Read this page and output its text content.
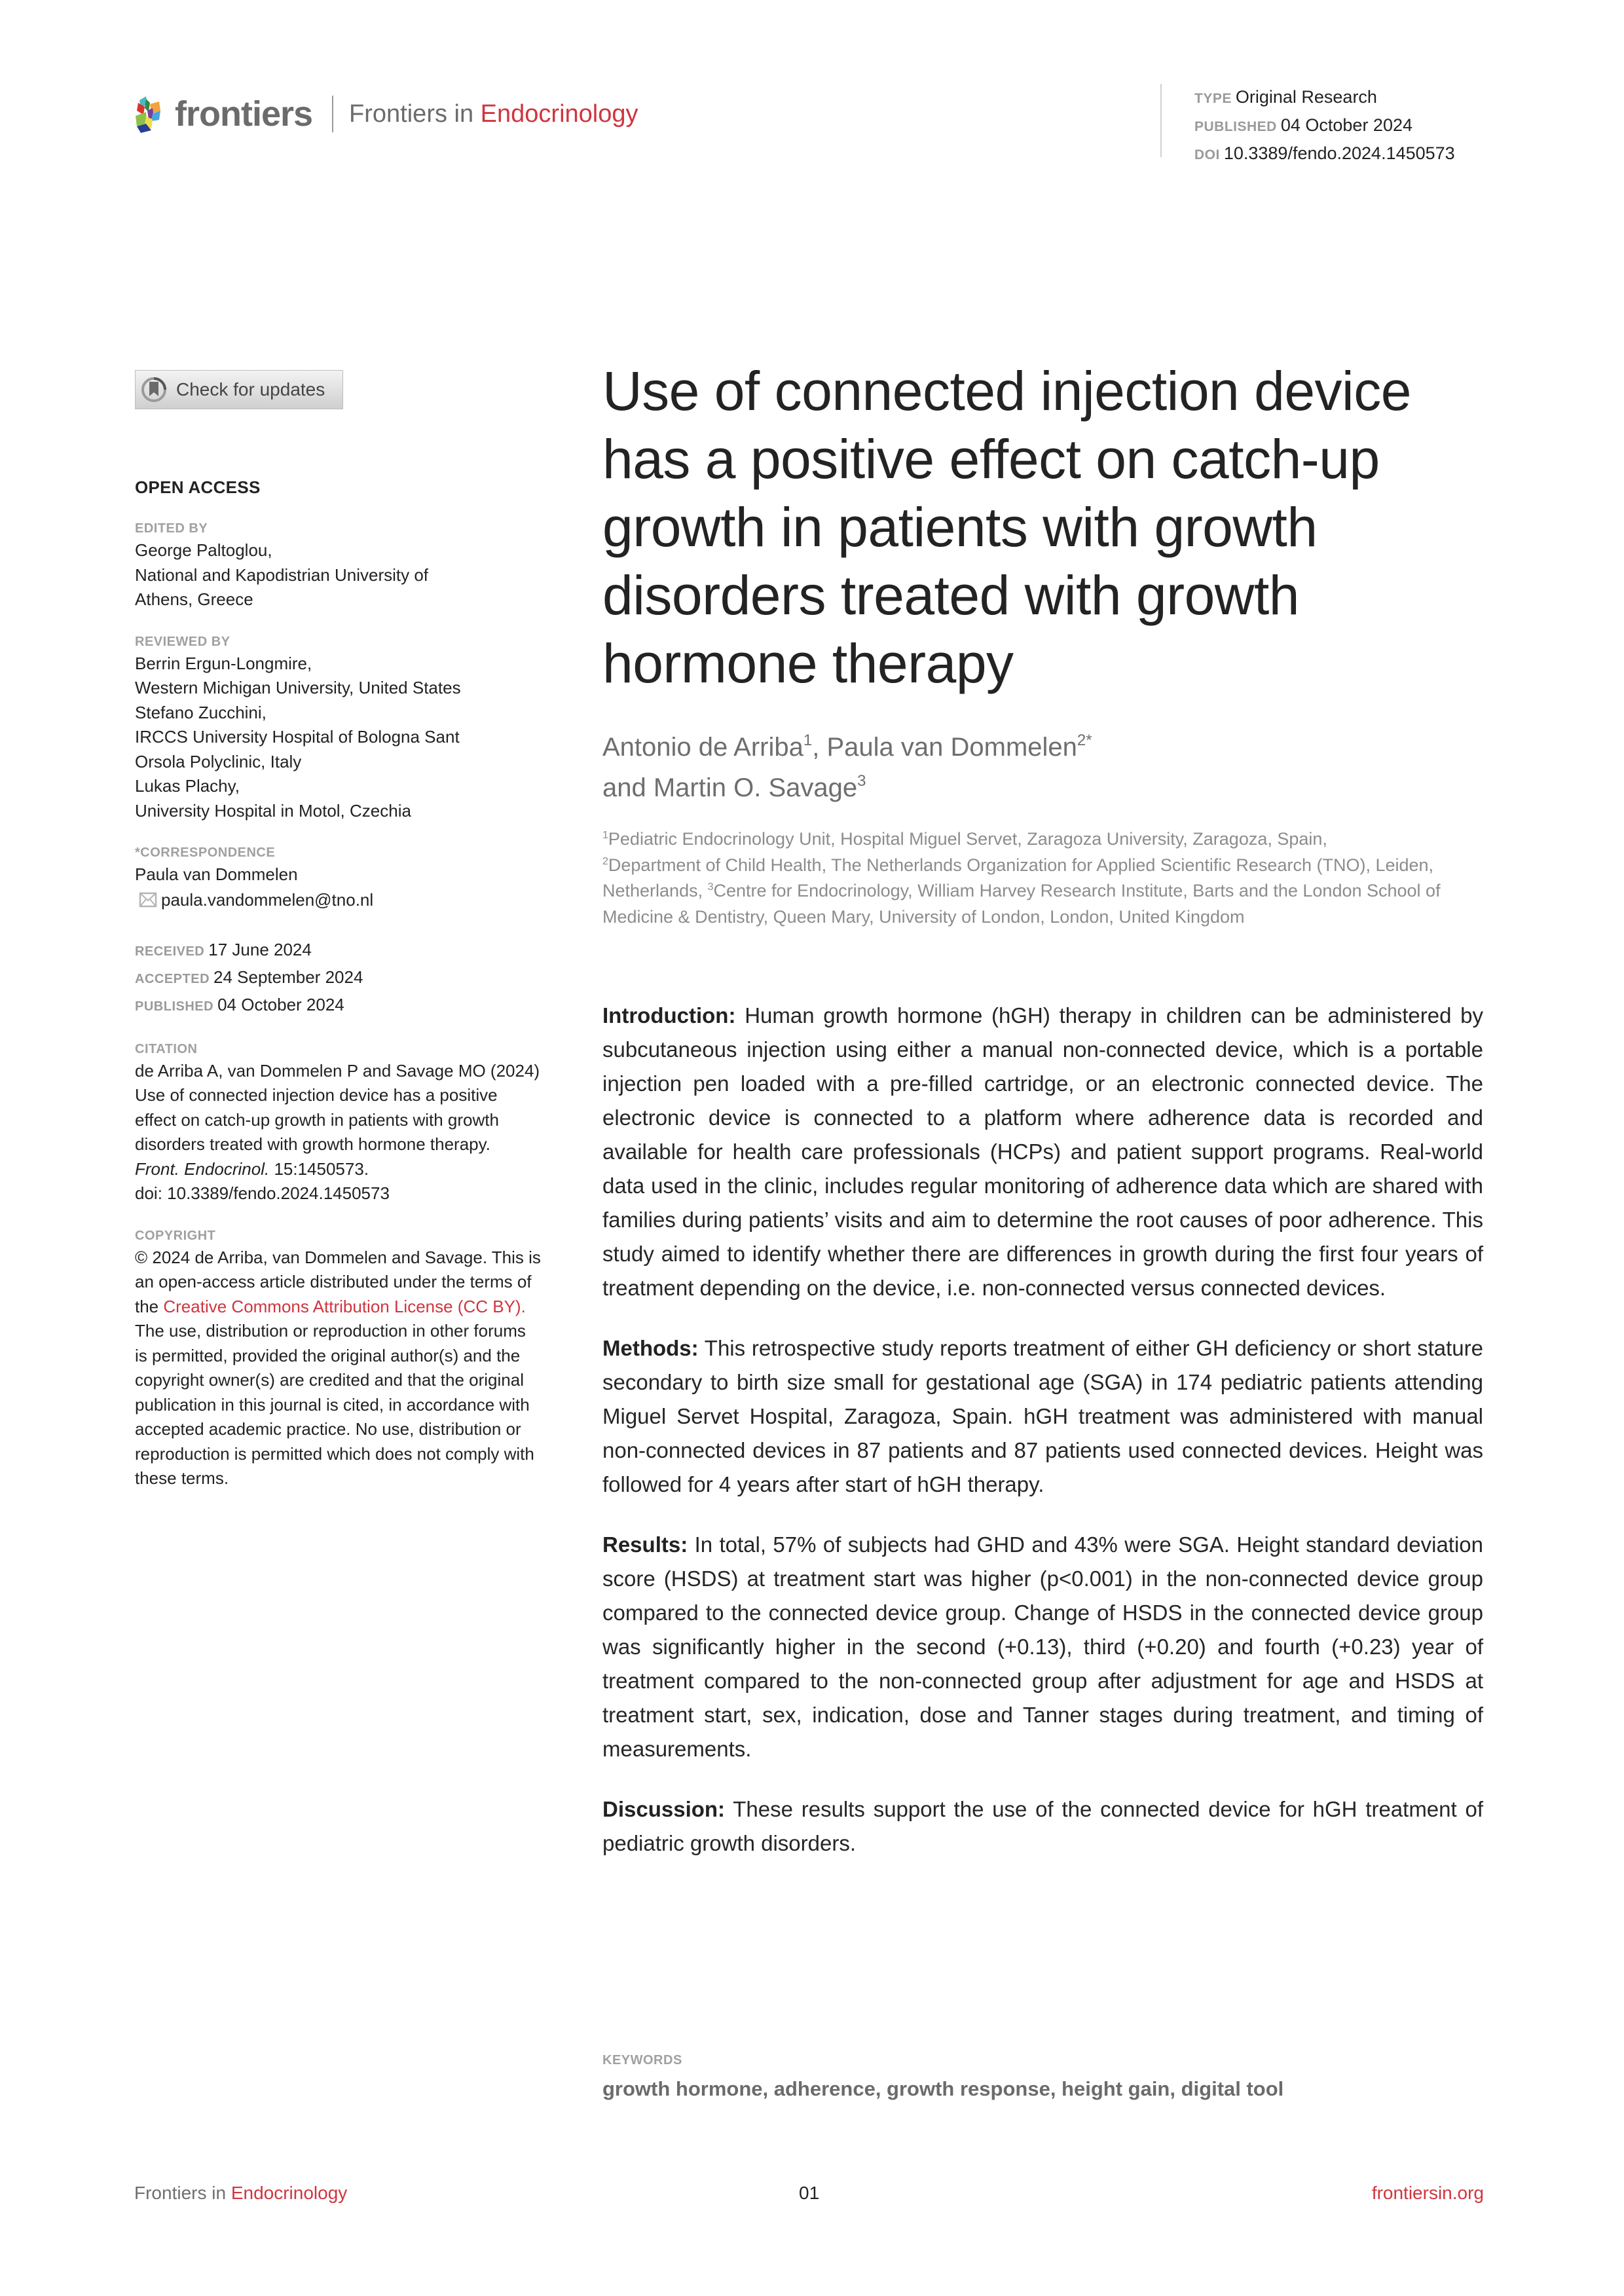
frontiers Frontiers in Endocrinology
TYPE Original Research
PUBLISHED 04 October 2024
DOI 10.3389/fendo.2024.1450573
Check for updates
OPEN ACCESS
EDITED BY
George Paltoglou,
National and Kapodistrian University of
Athens, Greece
REVIEWED BY
Berrin Ergun-Longmire,
Western Michigan University, United States
Stefano Zucchini,
IRCCS University Hospital of Bologna Sant
Orsola Polyclinic, Italy
Lukas Plachy,
University Hospital in Motol, Czechia
*CORRESPONDENCE
Paula van Dommelen
paula.vandommelen@tno.nl
RECEIVED 17 June 2024
ACCEPTED 24 September 2024
PUBLISHED 04 October 2024
CITATION
de Arriba A, van Dommelen P and Savage MO (2024) Use of connected injection device has a positive effect on catch-up growth in patients with growth disorders treated with growth hormone therapy.
Front. Endocrinol. 15:1450573.
doi: 10.3389/fendo.2024.1450573
COPYRIGHT
© 2024 de Arriba, van Dommelen and Savage. This is an open-access article distributed under the terms of the Creative Commons Attribution License (CC BY). The use, distribution or reproduction in other forums is permitted, provided the original author(s) and the copyright owner(s) are credited and that the original publication in this journal is cited, in accordance with accepted academic practice. No use, distribution or reproduction is permitted which does not comply with these terms.
Use of connected injection device has a positive effect on catch-up growth in patients with growth disorders treated with growth hormone therapy
Antonio de Arriba$^1$, Paula van Dommelen$^{2*}$
and Martin O. Savage$^3$
$^1$Pediatric Endocrinology Unit, Hospital Miguel Servet, Zaragoza University, Zaragoza, Spain,
$^2$Department of Child Health, The Netherlands Organization for Applied Scientific Research (TNO), Leiden, Netherlands, $^3$Centre for Endocrinology, William Harvey Research Institute, Barts and the London School of Medicine & Dentistry, Queen Mary, University of London, London, United Kingdom

Introduction: Human growth hormone (hGH) therapy in children can be administered by subcutaneous injection using either a manual non-connected device, which is a portable injection pen loaded with a pre-filled cartridge, or an electronic connected device. The electronic device is connected to a platform where adherence data is recorded and available for health care professionals (HCPs) and patient support programs. Real-world data used in the clinic, includes regular monitoring of adherence data which are shared with families during patients’ visits and aim to determine the root causes of poor adherence. This study aimed to identify whether there are differences in growth during the first four years of treatment depending on the device, i.e. non-connected versus connected devices.

Methods: This retrospective study reports treatment of either GH deficiency or short stature secondary to birth size small for gestational age (SGA) in 174 pediatric patients attending Miguel Servet Hospital, Zaragoza, Spain. hGH treatment was administered with manual non-connected devices in 87 patients and 87 patients used connected devices. Height was followed for 4 years after start of hGH therapy.

Results: In total, 57% of subjects had GHD and 43% were SGA. Height standard deviation score (HSDS) at treatment start was higher (p<0.001) in the non-connected device group compared to the connected device group. Change of HSDS in the connected device group was significantly higher in the second (+0.13), third (+0.20) and fourth (+0.23) year of treatment compared to the non-connected group after adjustment for age and HSDS at treatment start, sex, indication, dose and Tanner stages during treatment, and timing of measurements.

Discussion: These results support the use of the connected device for hGH treatment of pediatric growth disorders.

KEYWORDS
growth hormone, adherence, growth response, height gain, digital tool
Frontiers in Endocrinology	01	frontiersin.org
